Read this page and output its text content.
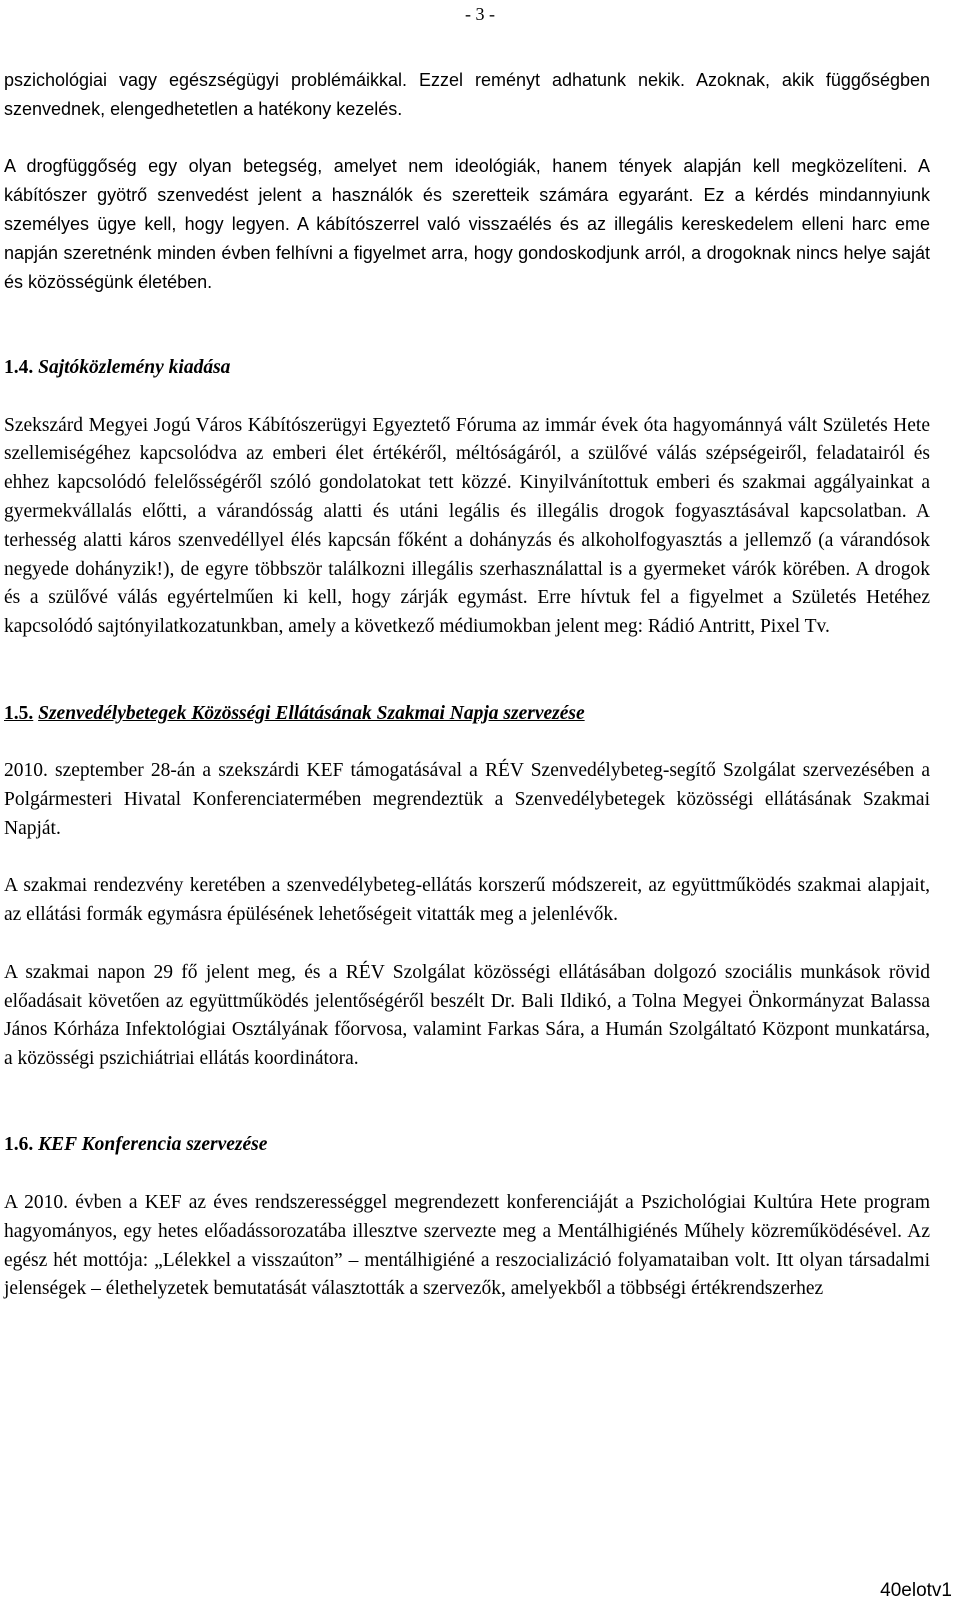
- 3 -

pszichológiai vagy egészségügyi problémáikkal. Ezzel reményt adhatunk nekik. Azoknak, akik függőségben szenvednek, elengedhetetlen a hatékony kezelés.

A drogfüggőség egy olyan betegség, amelyet nem ideológiák, hanem tények alapján kell megközelíteni. A kábítószer gyötrő szenvedést jelent a használók és szeretteik számára egyaránt. Ez a kérdés mindannyiunk személyes ügye kell, hogy legyen. A kábítószerrel való visszaélés és az illegális kereskedelem elleni harc eme napján szeretnénk minden évben felhívni a figyelmet arra, hogy gondoskodjunk arról, a drogoknak nincs helye saját és közösségünk életében.

1.4. Sajtóközlemény kiadása

Szekszárd Megyei Jogú Város Kábítószerügyi Egyeztető Fóruma az immár évek óta hagyománnyá vált Születés Hete szellemiségéhez kapcsolódva az emberi élet értékéről, méltóságáról, a szülővé válás szépségeiről, feladatairól és ehhez kapcsolódó felelősségéről szóló gondolatokat tett közzé. Kinyilvánítottuk emberi és szakmai aggályainkat a gyermekvállalás előtti, a várandósság alatti és utáni legális és illegális drogok fogyasztásával kapcsolatban. A terhesség alatti káros szenvedéllyel élés kapcsán főként a dohányzás és alkoholfogyasztás a jellemző (a várandósok negyede dohányzik!), de egyre többször találkozni illegális szerhasználattal is a gyermeket várók körében. A drogok és a szülővé válás egyértelműen ki kell, hogy zárják egymást. Erre hívtuk fel a figyelmet a Születés Hetéhez kapcsolódó sajtónyilatkozatunkban, amely a következő médiumokban jelent meg: Rádió Antritt, Pixel Tv.

1.5. Szenvedélybetegek Közösségi Ellátásának Szakmai Napja szervezése

2010. szeptember 28-án a szekszárdi KEF támogatásával a RÉV Szenvedélybeteg-segítő Szolgálat szervezésében a Polgármesteri Hivatal Konferenciatermében megrendeztük a Szenvedélybetegek közösségi ellátásának Szakmai Napját.

A szakmai rendezvény keretében a szenvedélybeteg-ellátás korszerű módszereit, az együttműködés szakmai alapjait, az ellátási formák egymásra épülésének lehetőségeit vitatták meg a jelenlévők.

A szakmai napon 29 fő jelent meg, és a RÉV Szolgálat közösségi ellátásában dolgozó szociális munkások rövid előadásait követően az együttműködés jelentőségéről beszélt Dr. Bali Ildikó, a Tolna Megyei Önkormányzat Balassa János Kórháza Infektológiai Osztályának főorvosa, valamint Farkas Sára, a Humán Szolgáltató Központ munkatársa, a közösségi pszichiátriai ellátás koordinátora.

1.6. KEF Konferencia szervezése

A 2010. évben a KEF az éves rendszerességgel megrendezett konferenciáját a Pszichológiai Kultúra Hete program hagyományos, egy hetes előadássorozatába illesztve szervezte meg a Mentálhigiénés Műhely közreműködésével. Az egész hét mottója: „Lélekkel a visszaúton” – mentálhigiéné a reszocializáció folyamataiban volt. Itt olyan társadalmi jelenségek – élethelyzetek bemutatását választották a szervezők, amelyekből a többségi értékrendszerhez

40elotv1
